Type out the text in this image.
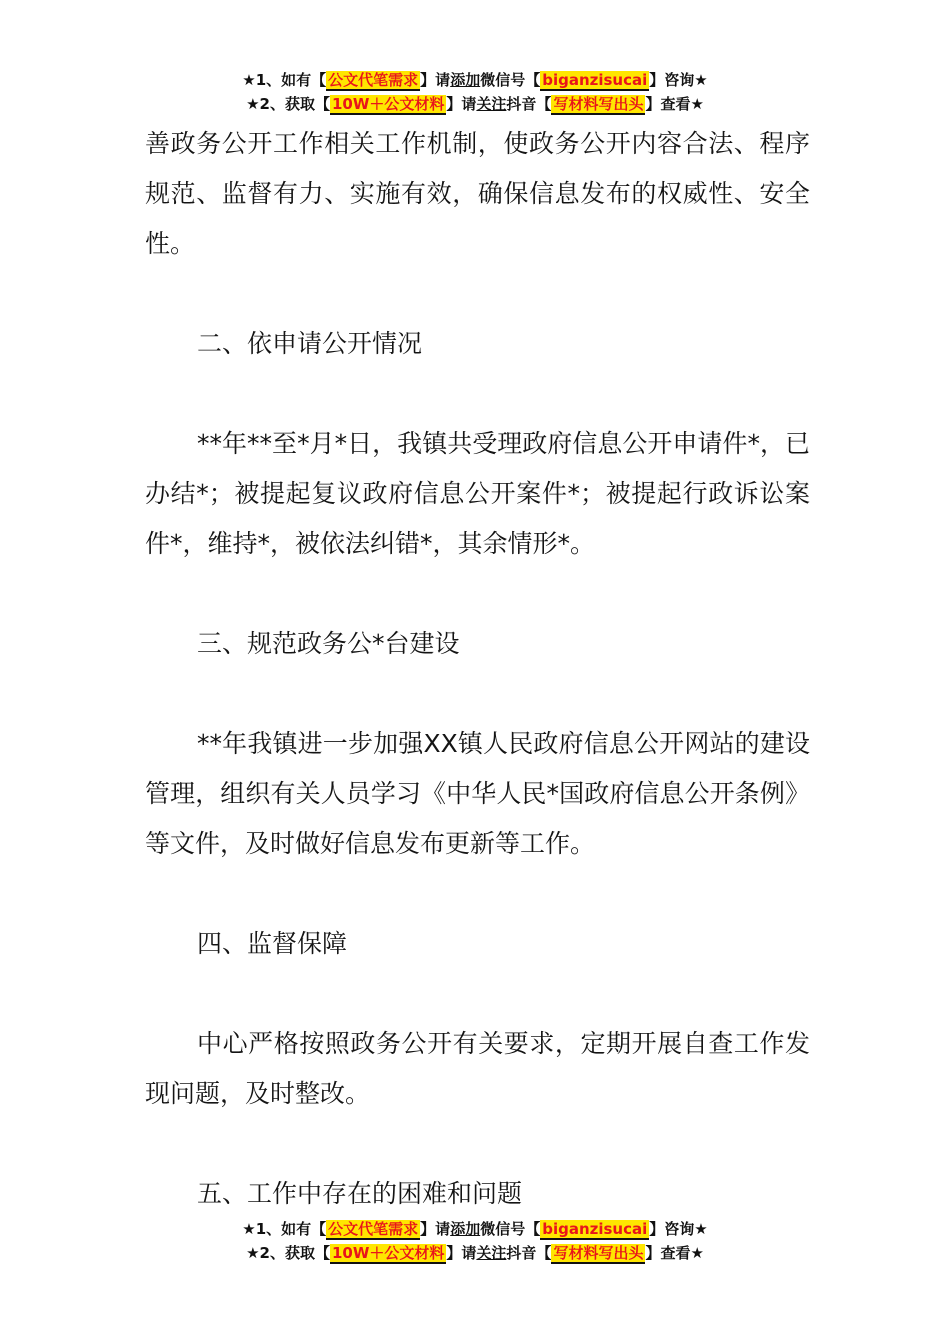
★1、如有【 公文代笔需求 】请添加微信号【 biganzisucai 】咨询★
★2、获取【 10W＋公文材料 】请关注抖音【 写材料写出头 】查看★

善政务公开工作相关工作机制，使政务公开内容合法、程序规范、监督有力、实施有效，确保信息发布的权威性、安全性。

二、依申请公开情况

**年**至*月*日，我镇共受理政府信息公开申请件*，已办结*；被提起复议政府信息公开案件*；被提起行政诉讼案件*，维持*，被依法纠错*，其余情形*。

三、规范政务公*台建设

**年我镇进一步加强XX镇人民政府信息公开网站的建设管理，组织有关人员学习《中华人民*国政府信息公开条例》等文件，及时做好信息发布更新等工作。

四、监督保障

中心严格按照政务公开有关要求，定期开展自查工作发现问题，及时整改。

五、工作中存在的困难和问题

★1、如有【 公文代笔需求 】请添加微信号【 biganzisucai 】咨询★
★2、获取【 10W＋公文材料 】请关注抖音【 写材料写出头 】查看★
